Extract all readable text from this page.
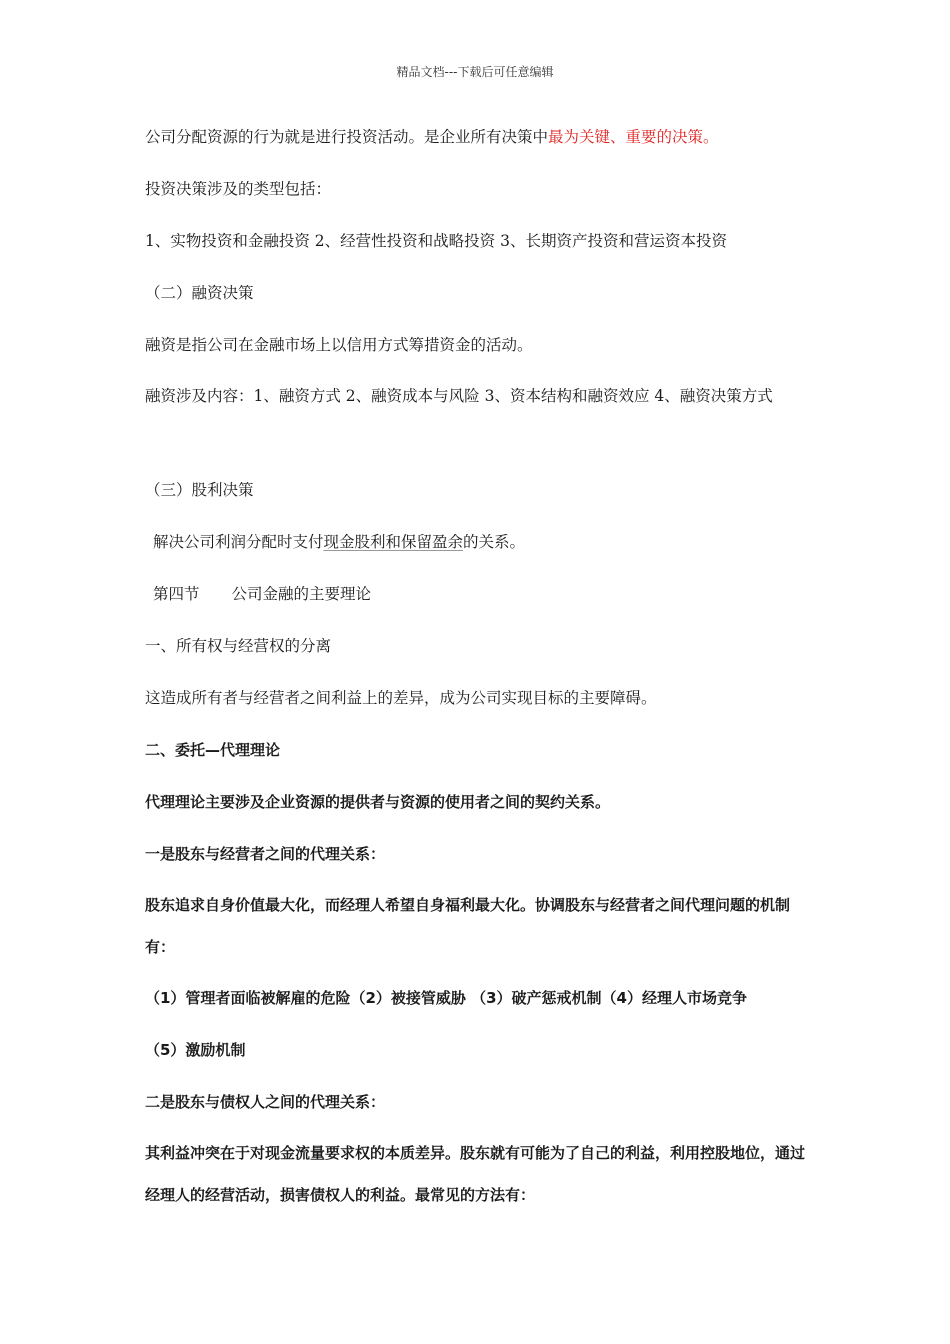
精品文档---下载后可任意编辑
公司分配资源的行为就是进行投资活动。是企业所有决策中最为关键、重要的决策。
投资决策涉及的类型包括：
1、实物投资和金融投资 2、经营性投资和战略投资 3、长期资产投资和营运资本投资
（二）融资决策
融资是指公司在金融市场上以信用方式筹措资金的活动。
融资涉及内容：1、融资方式 2、融资成本与风险 3、资本结构和融资效应 4、融资决策方式
（三）股利决策
解决公司利润分配时支付现金股利和保留盈余的关系。
第四节 公司金融的主要理论
一、所有权与经营权的分离
这造成所有者与经营者之间利益上的差异，成为公司实现目标的主要障碍。
二、委托—代理理论
代理理论主要涉及企业资源的提供者与资源的使用者之间的契约关系。
一是股东与经营者之间的代理关系：
股东追求自身价值最大化，而经理人希望自身福利最大化。协调股东与经营者之间代理问题的机制有：
（1）管理者面临被解雇的危险（2）被接管威胁 （3）破产惩戒机制（4）经理人市场竞争
（5）激励机制
二是股东与债权人之间的代理关系：
其利益冲突在于对现金流量要求权的本质差异。股东就有可能为了自己的利益，利用控股地位，通过经理人的经营活动，损害债权人的利益。最常见的方法有：
